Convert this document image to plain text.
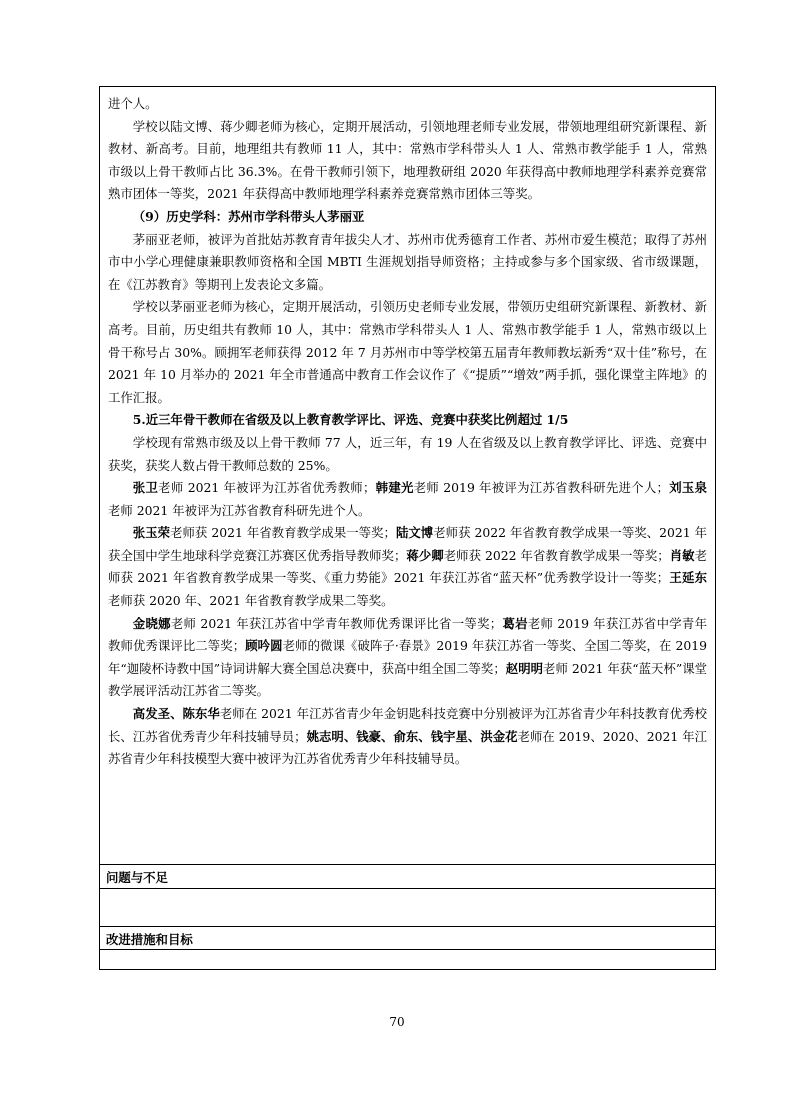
进个人。

学校以陆文博、蒋少卿老师为核心，定期开展活动，引领地理老师专业发展，带领地理组研究新课程、新教材、新高考。目前，地理组共有教师 11 人，其中：常熟市学科带头人 1 人、常熟市教学能手 1 人，常熟市级以上骨干教师占比 36.3%。在骨干教师引领下，地理教研组 2020 年获得高中教师地理学科素养竞赛常熟市团体一等奖，2021 年获得高中教师地理学科素养竞赛常熟市团体三等奖。

（9）历史学科：苏州市学科带头人茅丽亚

茅丽亚老师，被评为首批姑苏教育青年拔尖人才、苏州市优秀德育工作者、苏州市爱生模范；取得了苏州市中小学心理健康兼职教师资格和全国 MBTI 生涯规划指导师资格；主持或参与多个国家级、省市级课题，在《江苏教育》等期刊上发表论文多篇。

学校以茅丽亚老师为核心，定期开展活动，引领历史老师专业发展，带领历史组研究新课程、新教材、新高考。目前，历史组共有教师 10 人，其中：常熟市学科带头人 1 人、常熟市教学能手 1 人，常熟市级以上骨干称号占 30%。顾拥军老师获得 2012 年 7 月苏州市中等学校第五届青年教师教坛新秀“双十佳”称号，在 2021 年 10 月举办的 2021 年全市普通高中教育工作会议作了《“提质”“增效”两手抓，强化课堂主阵地》的工作汇报。

5.近三年骨干教师在省级及以上教育教学评比、评选、竞赛中获奖比例超过 1/5

学校现有常熟市级及以上骨干教师 77 人，近三年，有 19 人在省级及以上教育教学评比、评选、竞赛中获奖，获奖人数占骨干教师总数的 25%。

张卫老师 2021 年被评为江苏省优秀教师；韩建光老师 2019 年被评为江苏省教科研先进个人；刘玉泉老师 2021 年被评为江苏省教育科研先进个人。

张玉荣老师获 2021 年省教育教学成果一等奖；陆文博老师获 2022 年省教育教学成果一等奖、2021 年获全国中学生地球科学竞赛江苏赛区优秀指导教师奖；蒋少卿老师获 2022 年省教育教学成果一等奖；肖敏老师获 2021 年省教育教学成果一等奖、《重力势能》2021 年获江苏省“蓝天杯”优秀教学设计一等奖；王延东老师获 2020 年、2021 年省教育教学成果二等奖。

金晓娜老师 2021 年获江苏省中学青年教师优秀课评比省一等奖；葛岩老师 2019 年获江苏省中学青年教师优秀课评比二等奖；顾吟圆老师的微课《破阵子·春景》2019 年获江苏省一等奖、全国二等奖，在 2019 年“迦陵杯诗教中国”诗词讲解大赛全国总决赛中，获高中组全国二等奖；赵明明老师 2021 年获“蓝天杯”课堂教学展评活动江苏省二等奖。

高发圣、陈东华老师在 2021 年江苏省青少年金钥匙科技竞赛中分别被评为江苏省青少年科技教育优秀校长、江苏省优秀青少年科技辅导员；姚志明、钱豪、俞东、钱宇星、洪金花老师在 2019、2020、2021 年江苏省青少年科技模型大赛中被评为江苏省优秀青少年科技辅导员。

问题与不足
改进措施和目标
70
